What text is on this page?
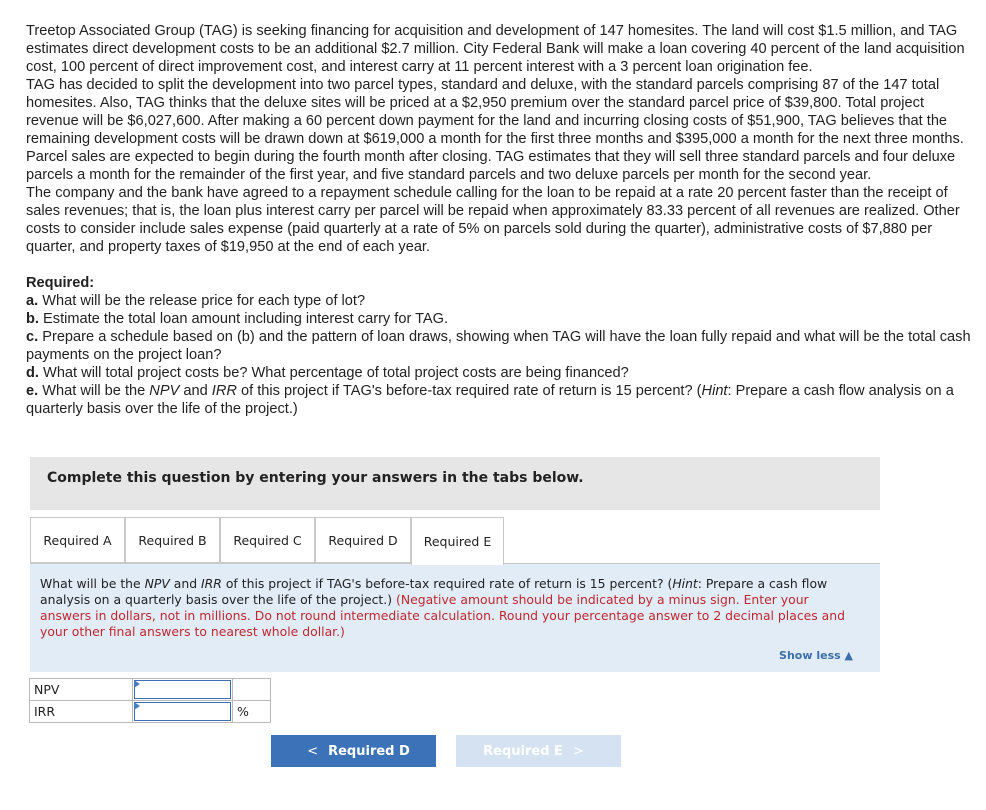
Treetop Associated Group (TAG) is seeking financing for acquisition and development of 147 homesites. The land will cost $1.5 million, and TAG estimates direct development costs to be an additional $2.7 million. City Federal Bank will make a loan covering 40 percent of the land acquisition cost, 100 percent of direct improvement cost, and interest carry at 11 percent interest with a 3 percent loan origination fee.

TAG has decided to split the development into two parcel types, standard and deluxe, with the standard parcels comprising 87 of the 147 total homesites. Also, TAG thinks that the deluxe sites will be priced at a $2,950 premium over the standard parcel price of $39,800. Total project revenue will be $6,027,600. After making a 60 percent down payment for the land and incurring closing costs of $51,900, TAG believes that the remaining development costs will be drawn down at $619,000 a month for the first three months and $395,000 a month for the next three months. Parcel sales are expected to begin during the fourth month after closing. TAG estimates that they will sell three standard parcels and four deluxe parcels a month for the remainder of the first year, and five standard parcels and two deluxe parcels per month for the second year.

The company and the bank have agreed to a repayment schedule calling for the loan to be repaid at a rate 20 percent faster than the receipt of sales revenues; that is, the loan plus interest carry per parcel will be repaid when approximately 83.33 percent of all revenues are realized. Other costs to consider include sales expense (paid quarterly at a rate of 5% on parcels sold during the quarter), administrative costs of $7,880 per quarter, and property taxes of $19,950 at the end of each year.

Required:

a. What will be the release price for each type of lot?

b. Estimate the total loan amount including interest carry for TAG.

c. Prepare a schedule based on (b) and the pattern of loan draws, showing when TAG will have the loan fully repaid and what will be the total cash payments on the project loan?

d. What will total project costs be? What percentage of total project costs are being financed?

e. What will be the NPV and IRR of this project if TAG's before-tax required rate of return is 15 percent? (Hint: Prepare a cash flow analysis on a quarterly basis over the life of the project.)

Complete this question by entering your answers in the tabs below.
Required A	Required B	Required C	Required D	Required E

What will be the NPV and IRR of this project if TAG's before-tax required rate of return is 15 percent? (Hint: Prepare a cash flow analysis on a quarterly basis over the life of the project.) (Negative amount should be indicated by a minus sign. Enter your answers in dollars, not in millions. Do not round intermediate calculation. Round your percentage answer to 2 decimal places and your other final answers to nearest whole dollar.)

Show less ▲
NPV	

IRR		%
< Required D	Required E >
